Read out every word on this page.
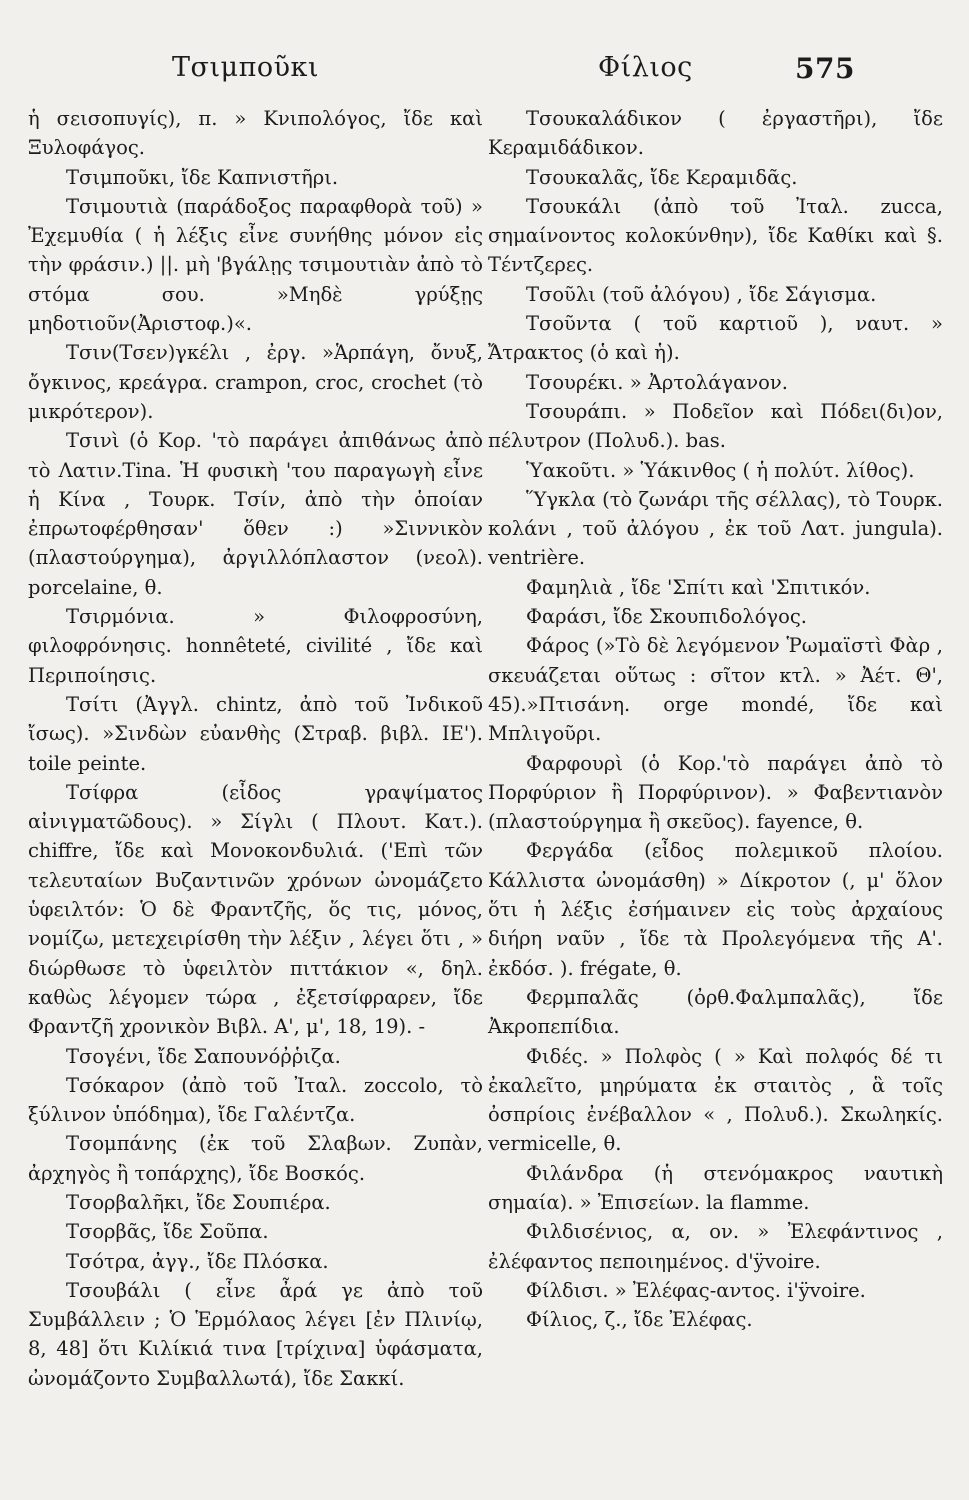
Τσιμποῦκι	Φίλιος	575

ἡ σεισοπυγίς), π. » Κνιπολόγος, ἴδε καὶ Ξυλοφάγος.

Τσιμποῦκι, ἴδε Καπνιστῆρι.

Τσιμουτιὰ (παράδοξος παραφθορὰ τοῦ) » Ἐχεμυθία ( ἡ λέξις εἶνε συνήθης μόνον εἰς τὴν φράσιν.) ||. μὴ 'βγάλῃς τσιμουτιὰν ἀπὸ τὸ στόμα σου. »Μηδὲ γρύξῃς μηδοτιοῦν(Ἀριστοφ.)«.

Τσιν(Τσεν)γκέλι , ἐργ. »Ἁρπάγη, ὄνυξ, ὄγκινος, κρεάγρα. crampon, croc, crochet (τὸ μικρότερον).

Τσινὶ (ὁ Κορ. 'τὸ παράγει ἀπιθάνως ἀπὸ τὸ Λατιν.Tina. Ἡ φυσικὴ 'του παραγωγὴ εἶνε ἡ Κίνα , Τουρκ. Τσίν, ἀπὸ τὴν ὁποίαν ἐπρωτοφέρθησαν' ὅθεν :) »Σιννικὸν (πλαστούργημα), ἀργιλλόπλαστον (νεολ). porcelaine, θ.

Τσιρμόνια. » Φιλοφροσύνη, φιλοφρόνησις. honnêteté, civilité , ἴδε καὶ Περιποίησις.

Τσίτι (Ἀγγλ. chintz, ἀπὸ τοῦ Ἰνδικοῦ ἴσως). »Σινδὼν εὐανθὴς (Στραβ. βιβλ. ΙΕ'). toile peinte.

Τσίφρα (εἶδος γραψίματος αἰνιγματῶδους). » Σίγλι ( Πλουτ. Κατ.). chiffre, ἴδε καὶ Μονοκονδυλιά. ('Επὶ τῶν τελευταίων Βυζαντινῶν χρόνων ὠνομάζετο ὑφειλτόν: Ὁ δὲ Φραντζῆς, ὅς τις, μόνος, νομίζω, μετεχειρίσθη τὴν λέξιν , λέγει ὅτι , » διώρθωσε τὸ ὑφειλτὸν πιττάκιον «, δηλ. καθὼς λέγομεν τώρα , ἐξετσίφραρεν, ἴδε Φραντζῆ χρονικὸν Βιβλ. Α', μ', 18, 19). -

Τσογένι, ἴδε Σαπουνόῤῥιζα.

Τσόκαρον (ἀπὸ τοῦ Ἰταλ. zoccolo, τὸ ξύλινον ὑπόδημα), ἴδε Γαλέντζα.

Τσομπάνης (ἐκ τοῦ Σλαβων. Ζυπὰν, ἀρχηγὸς ἢ τοπάρχης), ἴδε Βοσκός.

Τσορβαλῆκι, ἴδε Σουπιέρα.

Τσορβᾶς, ἴδε Σοῦπα.

Τσότρα, ἀγγ., ἴδε Πλόσκα.

Τσουβάλι ( εἶνε ἆρά γε ἀπὸ τοῦ Συμβάλλειν ; Ὁ Ἑρμόλαος λέγει [ἐν Πλινίῳ, 8, 48] ὅτι Κιλίκιά τινα [τρίχινα] ὑφάσματα, ὠνομάζοντο Συμβαλλωτά), ἴδε Σακκί.

Τσουκαλάδικον ( ἐργαστῆρι), ἴδε Κεραμιδάδικον.

Τσουκαλᾶς, ἴδε Κεραμιδᾶς.

Τσουκάλι (ἀπὸ τοῦ Ἰταλ. zucca, σημαίνοντος κολοκύνθην), ἴδε Καθίκι καὶ §. Τέντζερες.

Τσοῦλι (τοῦ ἀλόγου) , ἴδε Σάγισμα.

Τσοῦντα ( τοῦ καρτιοῦ ), ναυτ. » Ἄτρακτος (ὁ καὶ ἡ).

Τσουρέκι. » Ἀρτολάγανον.

Τσουράπι. » Ποδεῖον καὶ Πόδει(δι)ον, πέλυτρον (Πολυδ.). bas.

Ὑακοῦτι. » Ὑάκινθος ( ἡ πολύτ. λίθος).

Ὕγκλα (τὸ ζωνάρι τῆς σέλλας), τὸ Τουρκ. κολάνι , τοῦ ἀλόγου , ἐκ τοῦ Λατ. jungula). ventrière.

Φαμηλιὰ , ἴδε 'Σπίτι καὶ 'Σπιτικόν.

Φαράσι, ἴδε Σκουπιδολόγος.

Φάρος (»Τὸ δὲ λεγόμενον Ῥωμαϊστὶ Φὰρ , σκευάζεται οὕτως : σῖτον κτλ. » Ἀέτ. Θ', 45).»Πτισάνη. orge mondé, ἴδε καὶ Μπλιγοῦρι.

Φαρφουρὶ (ὁ Κορ.'τὸ παράγει ἀπὸ τὸ Πορφύριον ἢ Πορφύρινον). » Φαβεντιανὸν (πλαστούργημα ἢ σκεῦος). fayence, θ.

Φεργάδα (εἶδος πολεμικοῦ πλοίου. Κάλλιστα ὠνομάσθη) » Δίκροτον (, μ' ὅλον ὅτι ἡ λέξις ἐσήμαινεν εἰς τοὺς ἀρχαίους διήρη ναῦν , ἴδε τὰ Προλεγόμενα τῆς Α'. ἐκδόσ. ). frégate, θ.

Φερμπαλᾶς (ὀρθ.Φαλμπαλᾶς), ἴδε Ἀκροπεπίδια.

Φιδές. » Πολφὸς ( » Καὶ πολφός δέ τι ἐκαλεῖτο, μηρύματα ἐκ σταιτὸς , ἃ τοῖς ὀσπρίοις ἐνέβαλλον « , Πολυδ.). Σκωληκίς. vermicelle, θ.

Φιλάνδρα (ἡ στενόμακρος ναυτικὴ σημαία). » Ἐπισείων. la flamme.

Φιλδισένιος, α, ον. » Ἐλεφάντινος , ἐλέφαντος πεποιημένος. d'ÿvoire.

Φίλδισι. » Ἐλέφας-αντος. i'ÿvoire.

Φίλιος, ζ., ἴδε Ἐλέφας.
